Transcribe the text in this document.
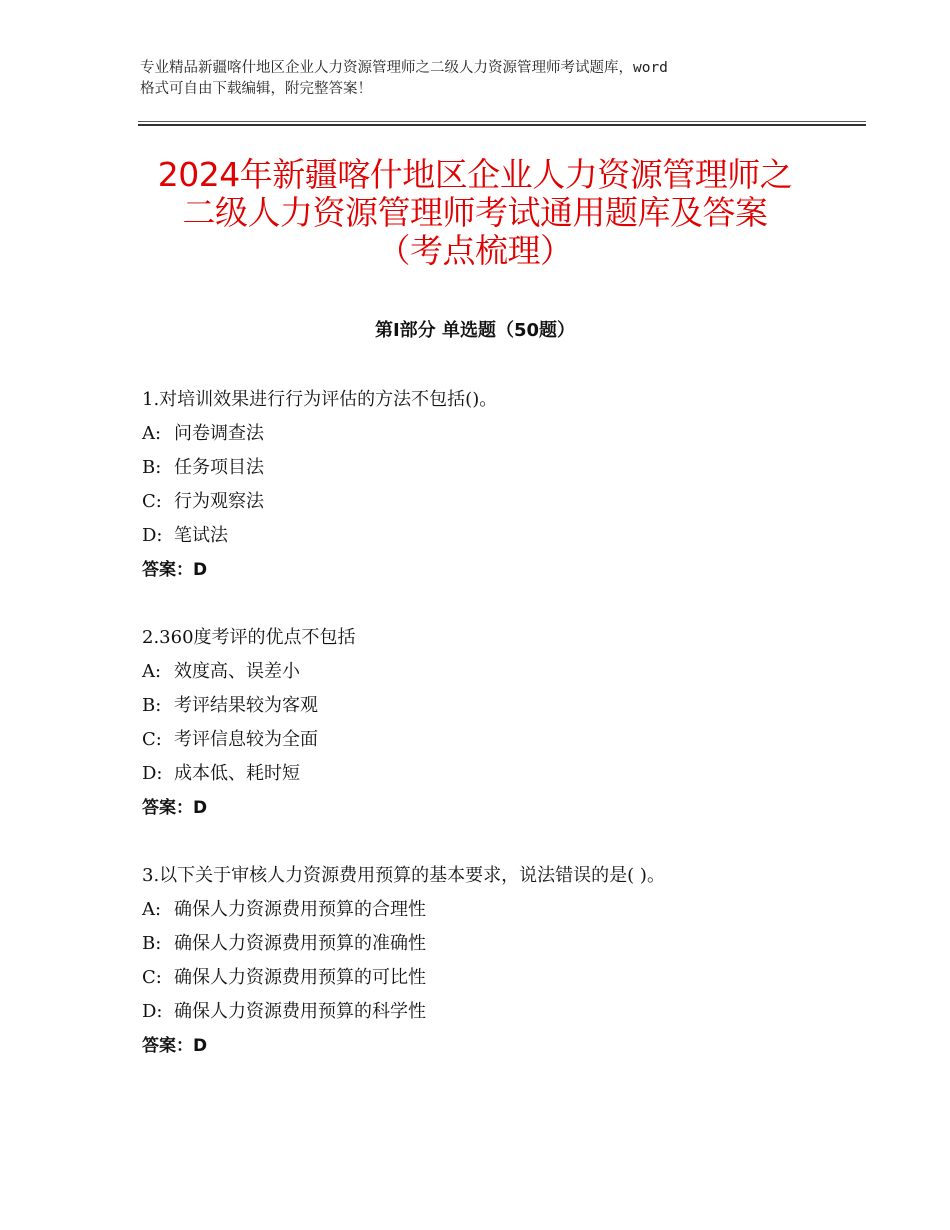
专业精品新疆喀什地区企业人力资源管理师之二级人力资源管理师考试题库，word
格式可自由下载编辑，附完整答案！
2024年新疆喀什地区企业人力资源管理师之
二级人力资源管理师考试通用题库及答案
（考点梳理）
第Ⅰ部分 单选题（50题）
1.对培训效果进行行为评估的方法不包括()。
A: 问卷调查法
B: 任务项目法
C: 行为观察法
D: 笔试法
答案：D
2.360度考评的优点不包括
A: 效度高、误差小
B: 考评结果较为客观
C: 考评信息较为全面
D: 成本低、耗时短
答案：D
3.以下关于审核人力资源费用预算的基本要求，说法错误的是( )。
A: 确保人力资源费用预算的合理性
B: 确保人力资源费用预算的准确性
C: 确保人力资源费用预算的可比性
D: 确保人力资源费用预算的科学性
答案：D
